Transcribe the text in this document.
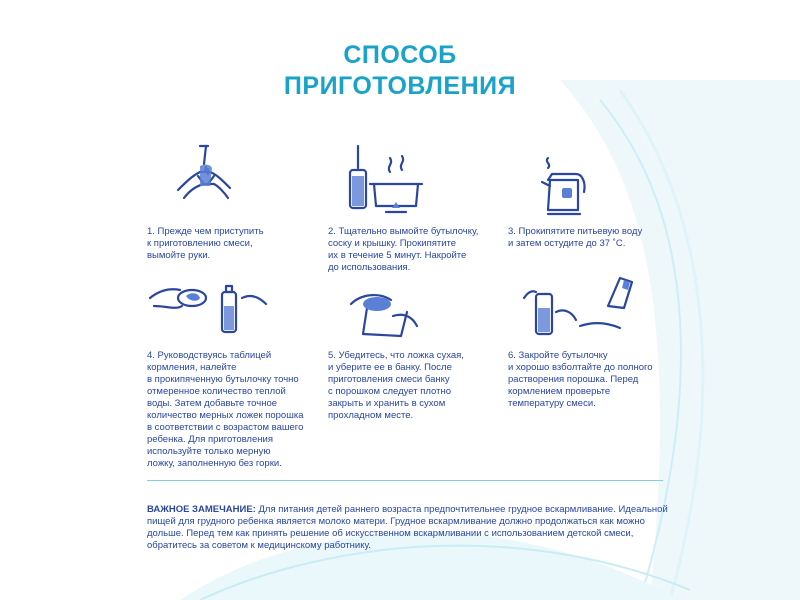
СПОСОБ
ПРИГОТОВЛЕНИЯ
1. Прежде чем приступить
к приготовлению смеси,
вымойте руки.
2. Тщательно вымойте бутылочку,
соску и крышку. Прокипятите
их в течение 5 минут. Накройте
до использования.
3. Прокипятите питьевую воду
и затем остудите до 37 ˚С.
4. Руководствуясь таблицей
кормления, налейте
в прокипяченную бутылочку точно
отмеренное количество теплой
воды. Затем добавьте точное
количество мерных ложек порошка
в соответствии с возрастом вашего
ребенка. Для приготовления
используйте только мерную
ложку, заполненную без горки.
5. Убедитесь, что ложка сухая,
и уберите ее в банку. После
приготовления смеси банку
с порошком следует плотно
закрыть и хранить в сухом
прохладном месте.
6. Закройте бутылочку
и хорошо взболтайте до полного
растворения порошка. Перед
кормлением проверьте
температуру смеси.
ВАЖНОЕ ЗАМЕЧАНИЕ: Для питания детей раннего возраста предпочтительнее грудное вскармливание. Идеальной
пищей для грудного ребенка является молоко матери. Грудное вскармливание должно продолжаться как можно
дольше. Перед тем как принять решение об искусственном вскармливании с использованием детской смеси,
обратитесь за советом к медицинскому работнику.
